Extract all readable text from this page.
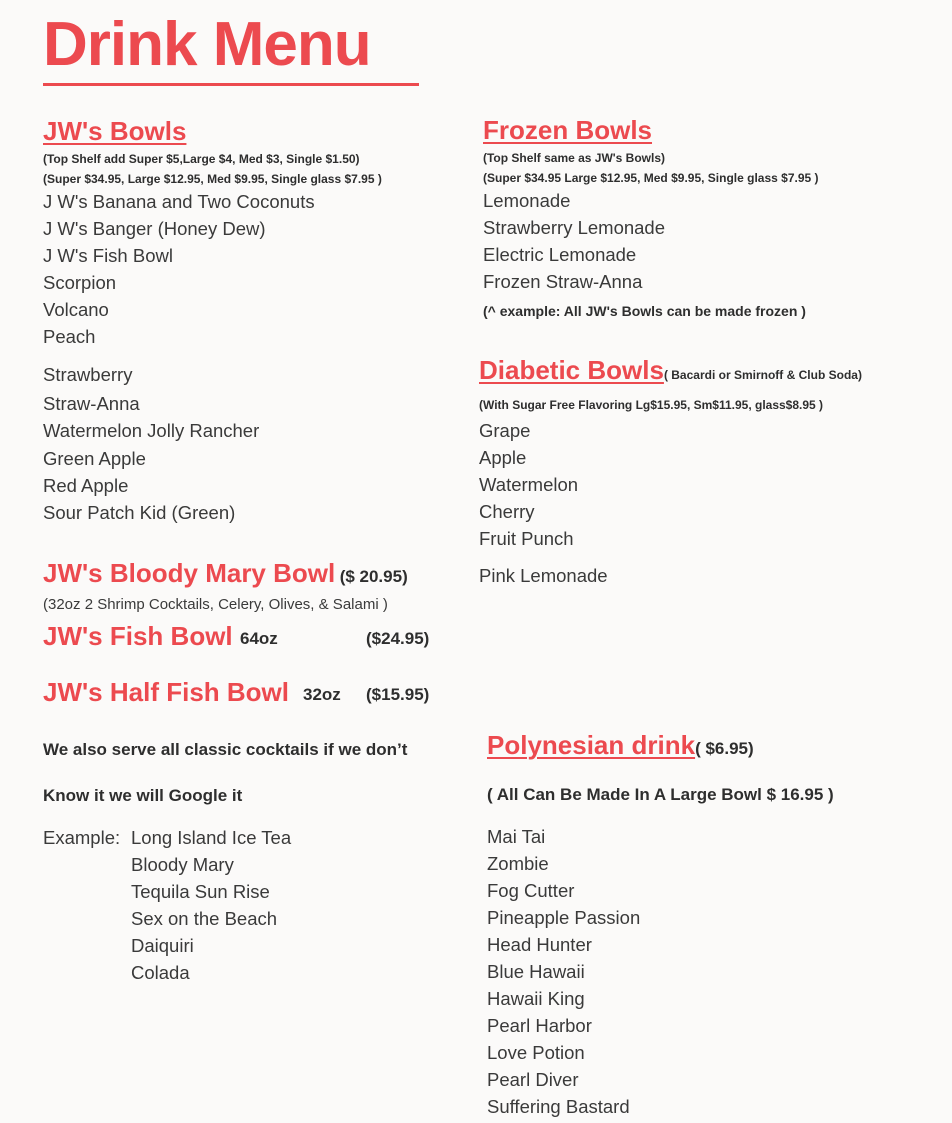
Drink Menu
JW's Bowls
(Top Shelf add Super $5,Large $4, Med $3, Single $1.50)
(Super $34.95, Large $12.95, Med $9.95, Single glass $7.95 )
J W's Banana and Two Coconuts
J W's Banger (Honey Dew)
J W's Fish Bowl
Scorpion
Volcano
Peach
Strawberry
Straw-Anna
Watermelon Jolly Rancher
Green Apple
Red Apple
Sour Patch Kid (Green)
JW's Bloody Mary Bowl ($ 20.95)
(32oz 2 Shrimp Cocktails, Celery, Olives, & Salami )
JW's Fish Bowl 64oz	($24.95)
JW's Half Fish Bowl 32oz ($15.95)
We also serve all classic cocktails if we don’t
Know it we will Google it
Example: Long Island Ice Tea
Bloody Mary
Tequila Sun Rise
Sex on the Beach
Daiquiri
Colada
Frozen Bowls
(Top Shelf same as JW's Bowls)
(Super $34.95 Large $12.95, Med $9.95, Single glass $7.95 )
Lemonade
Strawberry Lemonade
Electric Lemonade
Frozen Straw-Anna
(^ example: All JW's Bowls can be made frozen )
Diabetic Bowls( Bacardi or Smirnoff & Club Soda)
(With Sugar Free Flavoring Lg$15.95, Sm$11.95, glass$8.95 )
Grape
Apple
Watermelon
Cherry
Fruit Punch
Pink Lemonade
Polynesian drink( $6.95)
( All Can Be Made In A Large Bowl $ 16.95 )
Mai Tai
Zombie
Fog Cutter
Pineapple Passion
Head Hunter
Blue Hawaii
Hawaii King
Pearl Harbor
Love Potion
Pearl Diver
Suffering Bastard
